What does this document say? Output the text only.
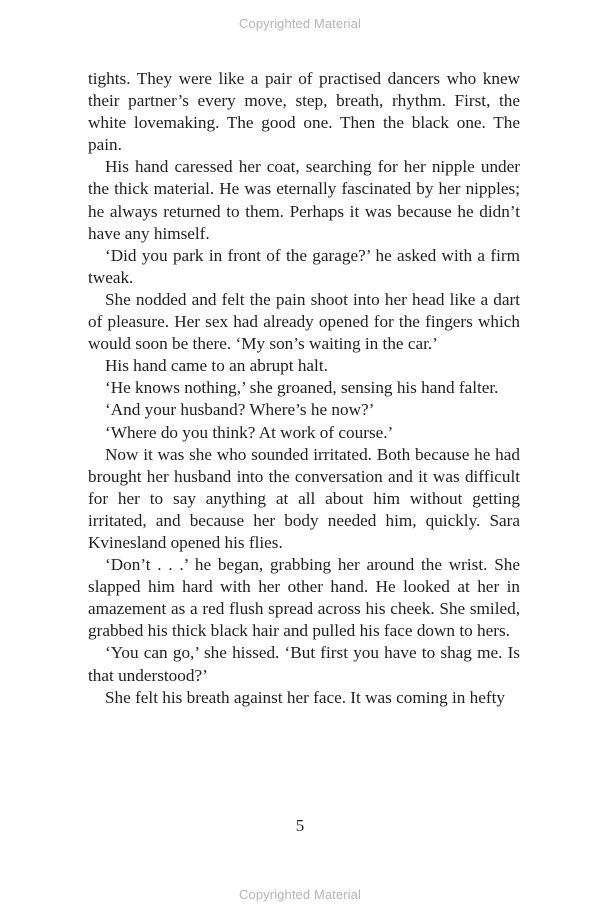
Copyrighted Material

tights. They were like a pair of practised dancers who knew their partner’s every move, step, breath, rhythm. First, the white lovemaking. The good one. Then the black one. The pain.

His hand caressed her coat, searching for her nipple under the thick material. He was eternally fascinated by her nipples; he always returned to them. Perhaps it was because he didn’t have any himself.

‘Did you park in front of the garage?’ he asked with a firm tweak.

She nodded and felt the pain shoot into her head like a dart of pleasure. Her sex had already opened for the fingers which would soon be there. ‘My son’s waiting in the car.’

His hand came to an abrupt halt.

‘He knows nothing,’ she groaned, sensing his hand falter.

‘And your husband? Where’s he now?’

‘Where do you think? At work of course.’

Now it was she who sounded irritated. Both because he had brought her husband into the conversation and it was difficult for her to say anything at all about him without getting irritated, and because her body needed him, quickly. Sara Kvinesland opened his flies.

‘Don’t . . .’ he began, grabbing her around the wrist. She slapped him hard with her other hand. He looked at her in amazement as a red flush spread across his cheek. She smiled, grabbed his thick black hair and pulled his face down to hers.

‘You can go,’ she hissed. ‘But first you have to shag me. Is that understood?’

She felt his breath against her face. It was coming in hefty

5
Copyrighted Material
